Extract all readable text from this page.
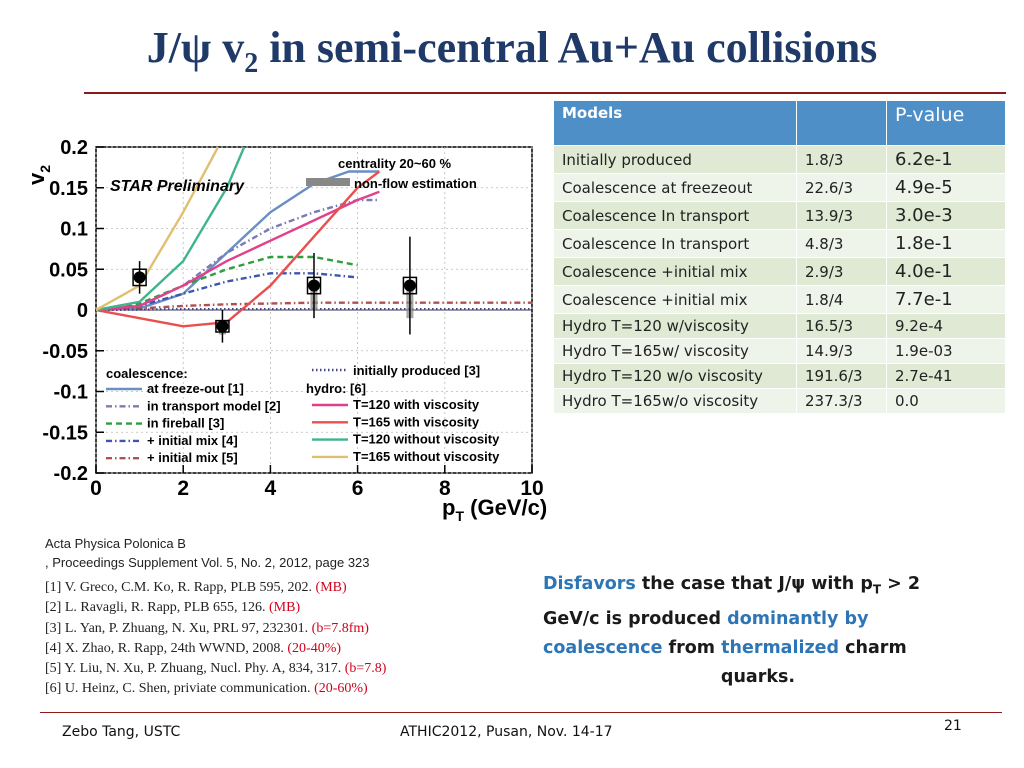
J/ψ $v_2$ in semi-central Au+Au collisions
0	2	4	6	8	10
-0.2
-0.15
-0.1
-0.05
0
0.05
0.1
0.15
0.2
$p_T$ (GeV/c)
$v_2$
STAR Preliminary
centrality 20~60 %
non-flow estimation
coalescence:
at freeze-out [1]
in transport model [2]
in fireball [3]
+ initial mix [4]
+ initial mix [5]
initially produced [3]
hydro: [6]
T=120 with viscosity
T=165 with viscosity
T=120 without viscosity
T=165 without viscosity
Models		P-value
Initially produced	1.8/3	6.2e-1
Coalescence at freezeout	22.6/3	4.9e-5
Coalescence In transport	13.9/3	3.0e-3
Coalescence In transport	4.8/3	1.8e-1
Coalescence +initial mix	2.9/3	4.0e-1
Coalescence +initial mix	1.8/4	7.7e-1
Hydro T=120 w/viscosity	16.5/3	9.2e-4
Hydro T=165w/ viscosity	14.9/3	1.9e-03
Hydro T=120 w/o viscosity	191.6/3	2.7e-41
Hydro T=165w/o viscosity	237.3/3	0.0
Acta Physica Polonica B
, Proceedings Supplement Vol. 5, No. 2, 2012, page 323
[1] V. Greco, C.M. Ko, R. Rapp, PLB 595, 202. (MB)
[2] L. Ravagli, R. Rapp, PLB 655, 126. (MB)
[3] L. Yan, P. Zhuang, N. Xu, PRL 97, 232301. (b=7.8fm)
[4] X. Zhao, R. Rapp, 24th WWND, 2008. (20-40%)
[5] Y. Liu, N. Xu, P. Zhuang, Nucl. Phy. A, 834, 317. (b=7.8)
[6] U. Heinz, C. Shen, priviate communication. (20-60%)
Disfavors the case that J/ψ with $p_T > 2$ GeV/c is produced dominantly by coalescence from thermalized charm
quarks.
Zebo Tang, USTC	ATHIC2012, Pusan, Nov. 14-17	21
